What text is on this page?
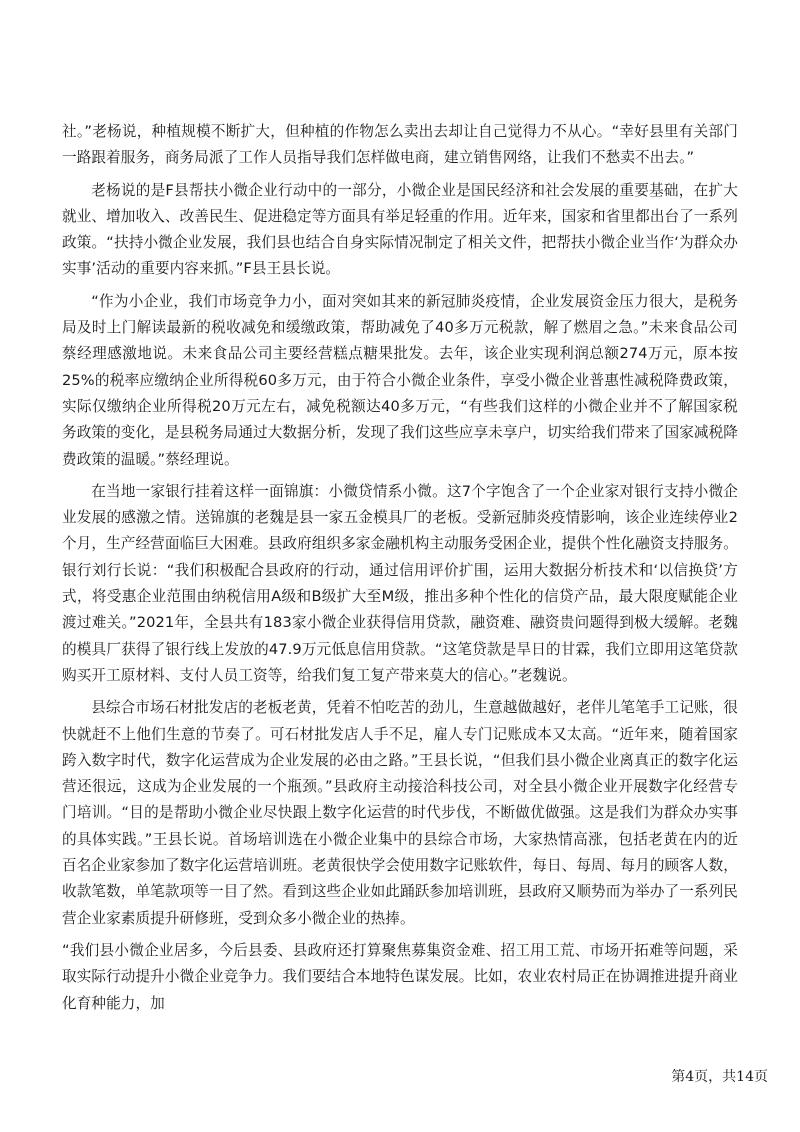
社。”老杨说，种植规模不断扩大，但种植的作物怎么卖出去却让自己觉得力不从心。“幸好县里有关部门一路跟着服务，商务局派了工作人员指导我们怎样做电商，建立销售网络，让我们不愁卖不出去。”

老杨说的是F县帮扶小微企业行动中的一部分，小微企业是国民经济和社会发展的重要基础，在扩大就业、增加收入、改善民生、促进稳定等方面具有举足轻重的作用。近年来，国家和省里都出台了一系列政策。“扶持小微企业发展，我们县也结合自身实际情况制定了相关文件，把帮扶小微企业当作‘为群众办实事’活动的重要内容来抓。”F县王县长说。

“作为小企业，我们市场竞争力小，面对突如其来的新冠肺炎疫情，企业发展资金压力很大，是税务局及时上门解读最新的税收减免和缓缴政策，帮助减免了40多万元税款，解了燃眉之急。”未来食品公司蔡经理感激地说。未来食品公司主要经营糕点糖果批发。去年，该企业实现利润总额274万元，原本按25%的税率应缴纳企业所得税60多万元，由于符合小微企业条件，享受小微企业普惠性减税降费政策，实际仅缴纳企业所得税20万元左右，减免税额达40多万元，“有些我们这样的小微企业并不了解国家税务政策的变化，是县税务局通过大数据分析，发现了我们这些应享未享户，切实给我们带来了国家减税降费政策的温暖。”蔡经理说。

在当地一家银行挂着这样一面锦旗：小微贷情系小微。这7个字饱含了一个企业家对银行支持小微企业发展的感激之情。送锦旗的老魏是县一家五金模具厂的老板。受新冠肺炎疫情影响，该企业连续停业2个月，生产经营面临巨大困难。县政府组织多家金融机构主动服务受困企业，提供个性化融资支持服务。银行刘行长说：“我们积极配合县政府的行动，通过信用评价扩围，运用大数据分析技术和‘以信换贷’方式，将受惠企业范围由纳税信用A级和B级扩大至M级，推出多种个性化的信贷产品，最大限度赋能企业渡过难关。”2021年，全县共有183家小微企业获得信用贷款，融资难、融资贵问题得到极大缓解。老魏的模具厂获得了银行线上发放的47.9万元低息信用贷款。“这笔贷款是旱日的甘霖，我们立即用这笔贷款购买开工原材料、支付人员工资等，给我们复工复产带来莫大的信心。”老魏说。

县综合市场石材批发店的老板老黄，凭着不怕吃苦的劲儿，生意越做越好，老伴儿笔笔手工记账，很快就赶不上他们生意的节奏了。可石材批发店人手不足，雇人专门记账成本又太高。“近年来，随着国家跨入数字时代，数字化运营成为企业发展的必由之路。”王县长说，“但我们县小微企业离真正的数字化运营还很远，这成为企业发展的一个瓶颈。”县政府主动接洽科技公司，对全县小微企业开展数字化经营专门培训。“目的是帮助小微企业尽快跟上数字化运营的时代步伐，不断做优做强。这是我们为群众办实事的具体实践。”王县长说。首场培训选在小微企业集中的县综合市场，大家热情高涨，包括老黄在内的近百名企业家参加了数字化运营培训班。老黄很快学会使用数字记账软件，每日、每周、每月的顾客人数，收款笔数，单笔款项等一目了然。看到这些企业如此踊跃参加培训班，县政府又顺势而为举办了一系列民营企业家素质提升研修班，受到众多小微企业的热捧。

“我们县小微企业居多，今后县委、县政府还打算聚焦募集资金难、招工用工荒、市场开拓难等问题，采取实际行动提升小微企业竞争力。我们要结合本地特色谋发展。比如，农业农村局正在协调推进提升商业化育种能力，加

第4页，共14页
